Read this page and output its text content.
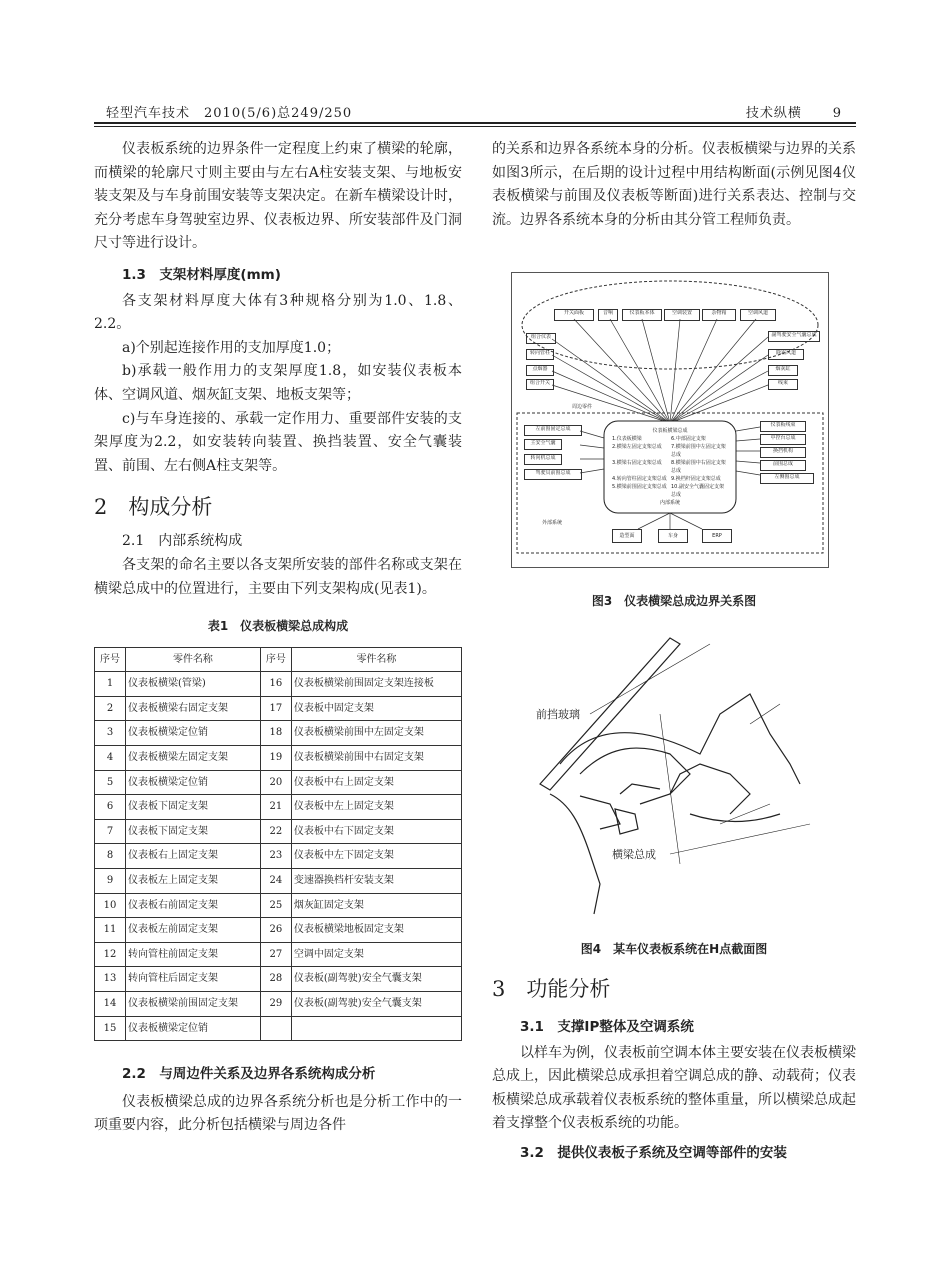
轻型汽车技术　2010(5/6)总249/250	技术纵横 9

仪表板系统的边界条件一定程度上约束了横梁的轮廓，而横梁的轮廓尺寸则主要由与左右A柱安装支架、与地板安装支架及与车身前围安装等支架决定。在新车横梁设计时，充分考虑车身驾驶室边界、仪表板边界、所安装部件及门洞尺寸等进行设计。

1.3　支架材料厚度(mm)

各支架材料厚度大体有3种规格分别为1.0、1.8、2.2。

a)个别起连接作用的支加厚度1.0；

b)承载一般作用力的支架厚度1.8，如安装仪表板本体、空调风道、烟灰缸支架、地板支架等；

c)与车身连接的、承载一定作用力、重要部件安装的支架厚度为2.2，如安装转向装置、换挡装置、安全气囊装置、前围、左右侧A柱支架等。

2　构成分析

2.1　内部系统构成

各支架的命名主要以各支架所安装的部件名称或支架在横梁总成中的位置进行，主要由下列支架构成(见表1)。

表1　仪表板横梁总成构成
序号	零件名称	序号	零件名称
1	仪表板横梁(管梁)	16	仪表板横梁前围固定支架连接板
2	仪表板横梁右固定支架	17	仪表板中固定支架
3	仪表板横梁定位销	18	仪表板横梁前围中左固定支架
4	仪表板横梁左固定支架	19	仪表板横梁前围中右固定支架
5	仪表板横梁定位销	20	仪表板中右上固定支架
6	仪表板下固定支架	21	仪表板中左上固定支架
7	仪表板下固定支架	22	仪表板中右下固定支架
8	仪表板右上固定支架	23	仪表板中左下固定支架
9	仪表板左上固定支架	24	变速器换档杆安装支架
10	仪表板右前固定支架	25	烟灰缸固定支架
11	仪表板左前固定支架	26	仪表板横梁地板固定支架
12	转向管柱前固定支架	27	空调中固定支架
13	转向管柱后固定支架	28	仪表板(副驾驶)安全气囊支架
14	仪表板横梁前围固定支架	29	仪表板(副驾驶)安全气囊支架
15	仪表板横梁定位销		

2.2　与周边件关系及边界各系统构成分析

仪表板横梁总成的边界各系统分析也是分析工作中的一项重要内容，此分析包括横梁与周边各件

的关系和边界各系统本身的分析。仪表板横梁与边界的关系如图3所示，在后期的设计过程中用结构断面(示例见图4仪表板横梁与前围及仪表板等断面)进行关系表达、控制与交流。边界各系统本身的分析由其分管工程师负责。

开关面板	音响	仪表板本体	空调装置	杂物箱	空调风道
组合仪表
转向管柱
点烟器
组合开关
副驾驶安全气囊总成
除霜风道
烟灰缸
线束
周边零件
左前围固定总成
主安全气囊
转向机总成
驾驶员前围总成
仪表板线束
中控台总成
换挡机构
前围总成
左侧围总成
仪表板横梁总成
1.仪表板横梁	6.中部固定支架
2.横梁左固定支架总成	7.横梁前围中左固定支架总成
3.横梁右固定支架总成	8.横梁前围中右固定支架总成
4.转向管柱固定支架总成 9.换档杆固定支架总成
5.横梁前围固定支架总成 10.副安全气囊固定支架总成
内部系统
外部系统
造型面	车身	ERP
图3　仪表横梁总成边界关系图
前挡玻璃
横梁总成
图4　某车仪表板系统在H点截面图

3　功能分析

3.1　支撑IP整体及空调系统

以样车为例，仪表板前空调本体主要安装在仪表板横梁总成上，因此横梁总成承担着空调总成的静、动载荷；仪表板横梁总成承载着仪表板系统的整体重量，所以横梁总成起着支撑整个仪表板系统的功能。

3.2　提供仪表板子系统及空调等部件的安装
